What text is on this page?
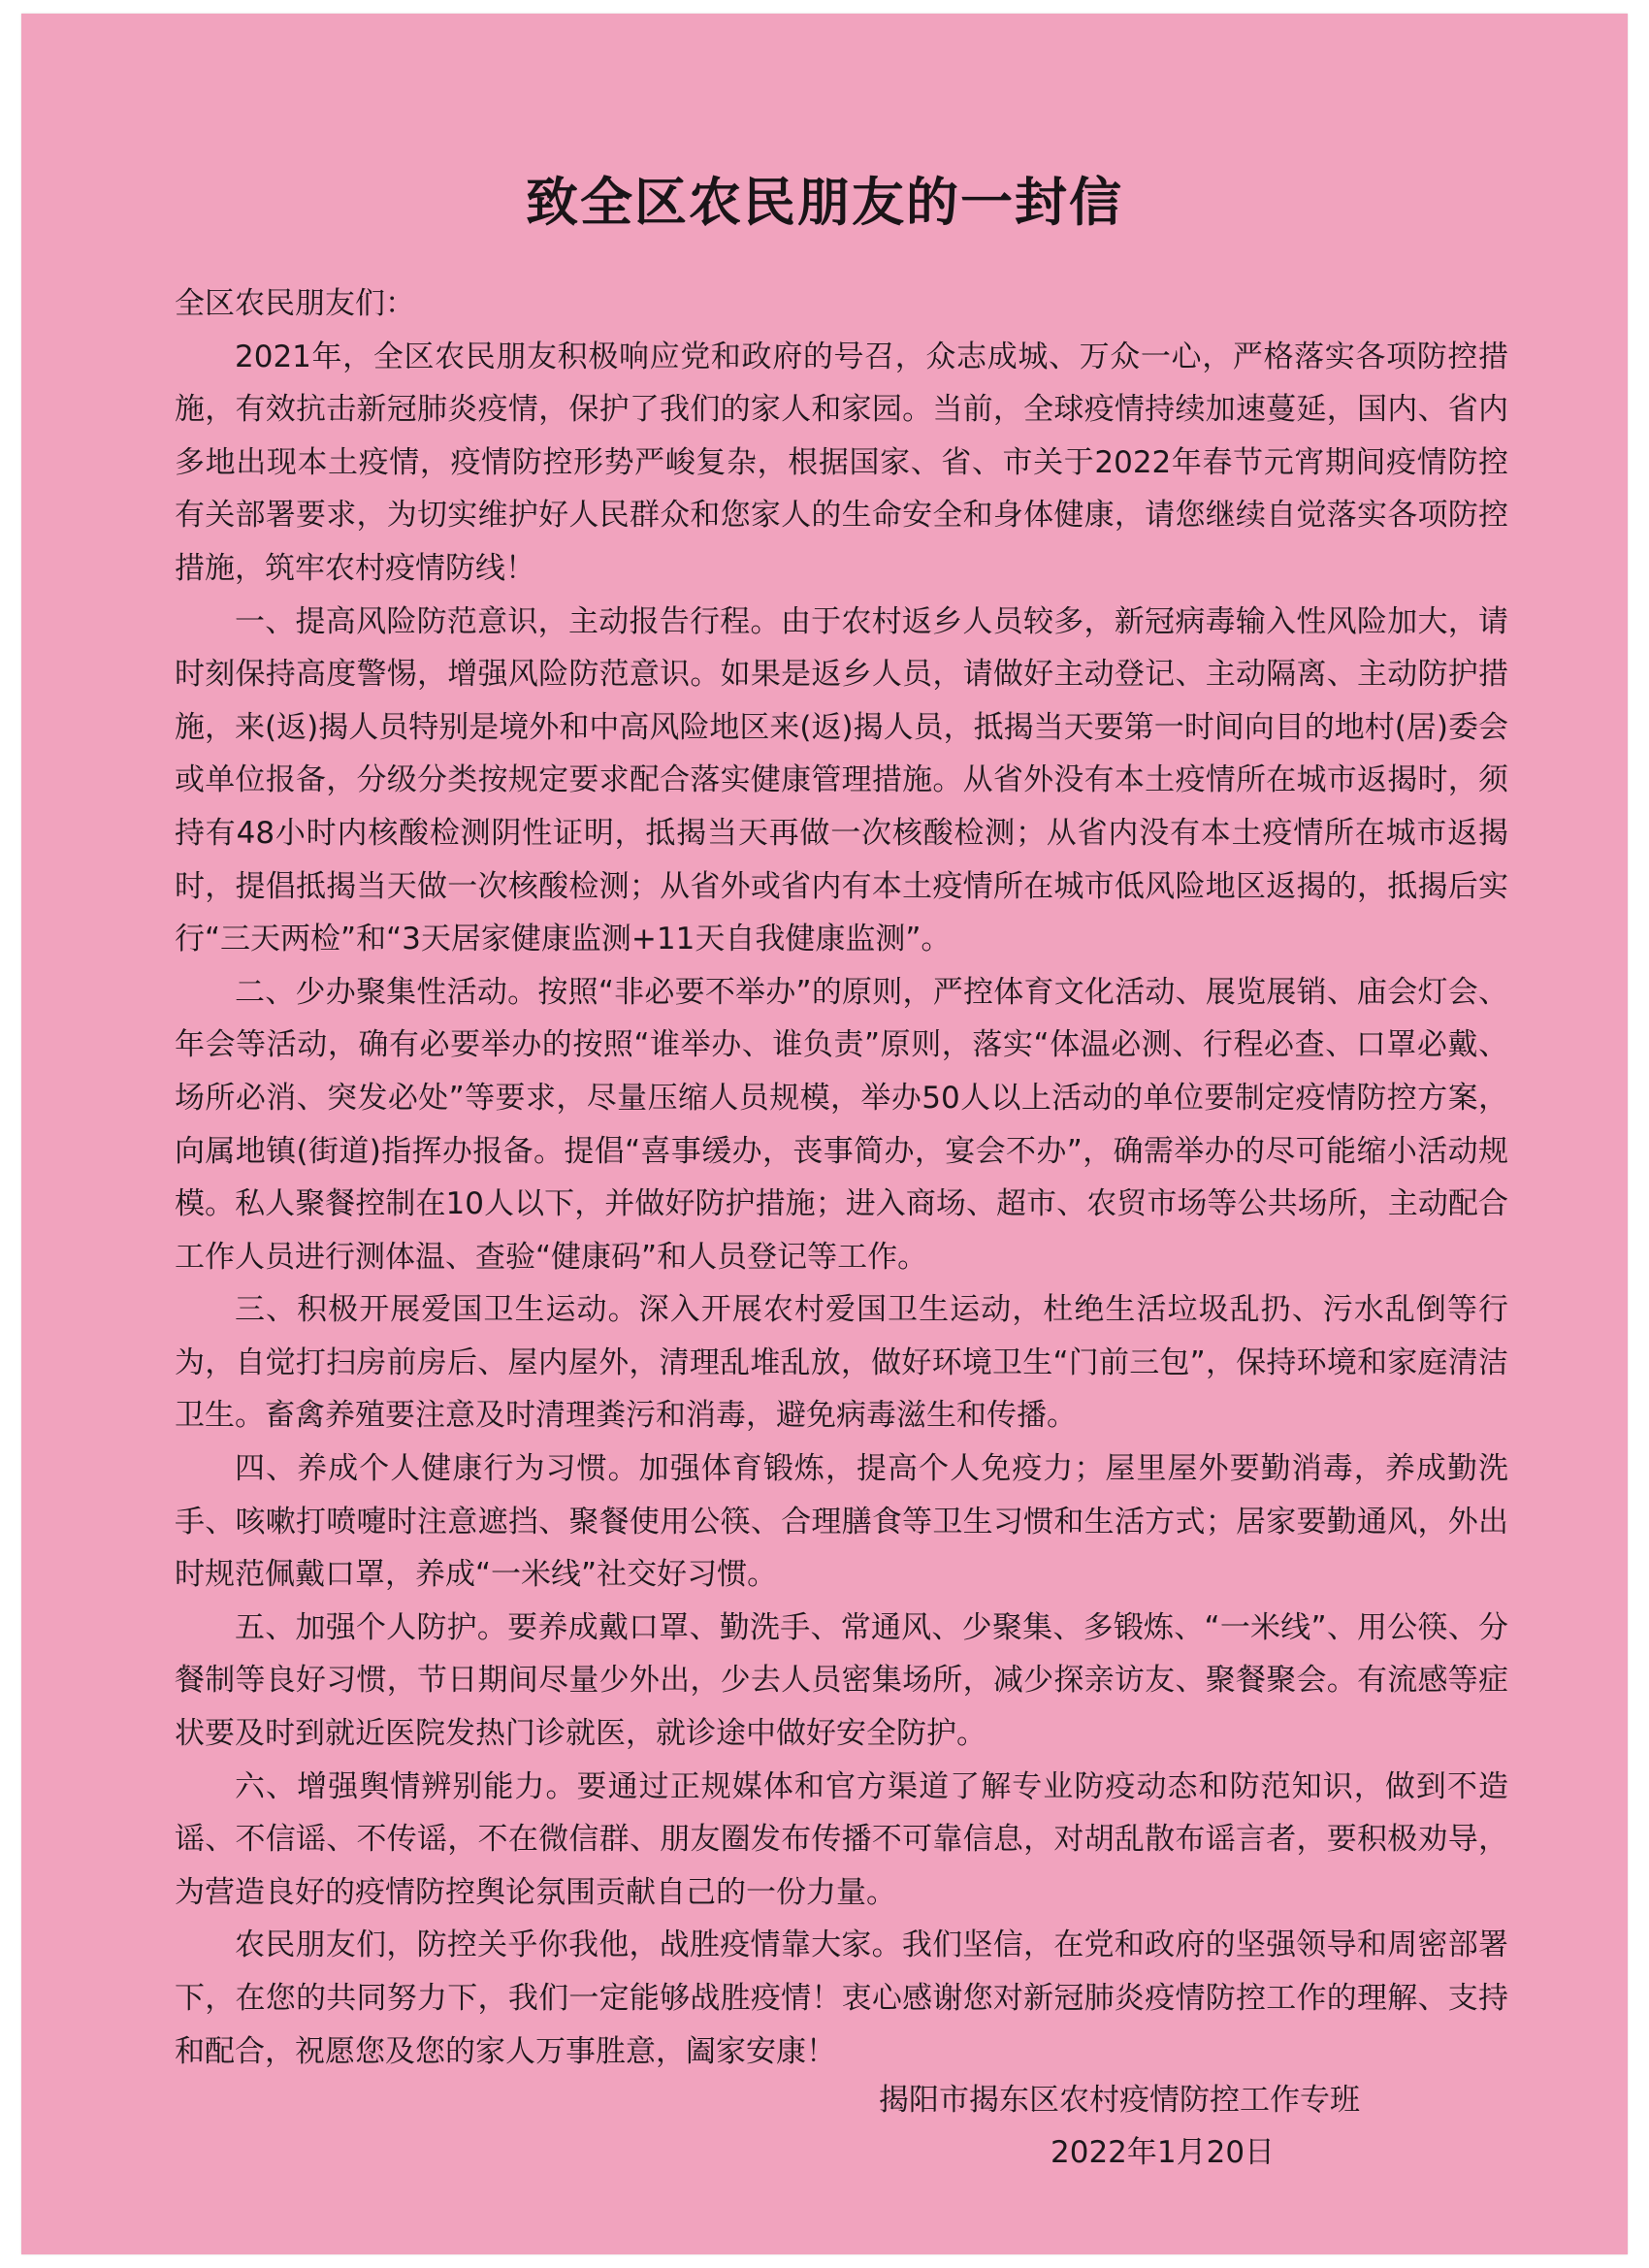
致全区农民朋友的一封信

全区农民朋友们：

2021年，全区农民朋友积极响应党和政府的号召，众志成城、万众一心，严格落实各项防控措施，有效抗击新冠肺炎疫情，保护了我们的家人和家园。当前，全球疫情持续加速蔓延，国内、省内多地出现本土疫情，疫情防控形势严峻复杂，根据国家、省、市关于2022年春节元宵期间疫情防控有关部署要求，为切实维护好人民群众和您家人的生命安全和身体健康，请您继续自觉落实各项防控措施，筑牢农村疫情防线！

一、提高风险防范意识，主动报告行程。由于农村返乡人员较多，新冠病毒输入性风险加大，请时刻保持高度警惕，增强风险防范意识。如果是返乡人员，请做好主动登记、主动隔离、主动防护措施，来(返)揭人员特别是境外和中高风险地区来(返)揭人员，抵揭当天要第一时间向目的地村(居)委会或单位报备，分级分类按规定要求配合落实健康管理措施。从省外没有本土疫情所在城市返揭时，须持有48小时内核酸检测阴性证明，抵揭当天再做一次核酸检测；从省内没有本土疫情所在城市返揭时，提倡抵揭当天做一次核酸检测；从省外或省内有本土疫情所在城市低风险地区返揭的，抵揭后实行“三天两检”和“3天居家健康监测+11天自我健康监测”。

二、少办聚集性活动。按照“非必要不举办”的原则，严控体育文化活动、展览展销、庙会灯会、年会等活动，确有必要举办的按照“谁举办、谁负责”原则，落实“体温必测、行程必查、口罩必戴、场所必消、突发必处”等要求，尽量压缩人员规模，举办50人以上活动的单位要制定疫情防控方案，向属地镇(街道)指挥办报备。提倡“喜事缓办，丧事简办，宴会不办”，确需举办的尽可能缩小活动规模。私人聚餐控制在10人以下，并做好防护措施；进入商场、超市、农贸市场等公共场所，主动配合工作人员进行测体温、查验“健康码”和人员登记等工作。

三、积极开展爱国卫生运动。深入开展农村爱国卫生运动，杜绝生活垃圾乱扔、污水乱倒等行为，自觉打扫房前房后、屋内屋外，清理乱堆乱放，做好环境卫生“门前三包”，保持环境和家庭清洁卫生。畜禽养殖要注意及时清理粪污和消毒，避免病毒滋生和传播。

四、养成个人健康行为习惯。加强体育锻炼，提高个人免疫力；屋里屋外要勤消毒，养成勤洗手、咳嗽打喷嚏时注意遮挡、聚餐使用公筷、合理膳食等卫生习惯和生活方式；居家要勤通风，外出时规范佩戴口罩，养成“一米线”社交好习惯。

五、加强个人防护。要养成戴口罩、勤洗手、常通风、少聚集、多锻炼、“一米线”、用公筷、分餐制等良好习惯，节日期间尽量少外出，少去人员密集场所，减少探亲访友、聚餐聚会。有流感等症状要及时到就近医院发热门诊就医，就诊途中做好安全防护。

六、增强舆情辨别能力。要通过正规媒体和官方渠道了解专业防疫动态和防范知识，做到不造谣、不信谣、不传谣，不在微信群、朋友圈发布传播不可靠信息，对胡乱散布谣言者，要积极劝导，为营造良好的疫情防控舆论氛围贡献自己的一份力量。

农民朋友们，防控关乎你我他，战胜疫情靠大家。我们坚信，在党和政府的坚强领导和周密部署下，在您的共同努力下，我们一定能够战胜疫情！衷心感谢您对新冠肺炎疫情防控工作的理解、支持和配合，祝愿您及您的家人万事胜意，阖家安康！

揭阳市揭东区农村疫情防控工作专班
2022年1月20日
